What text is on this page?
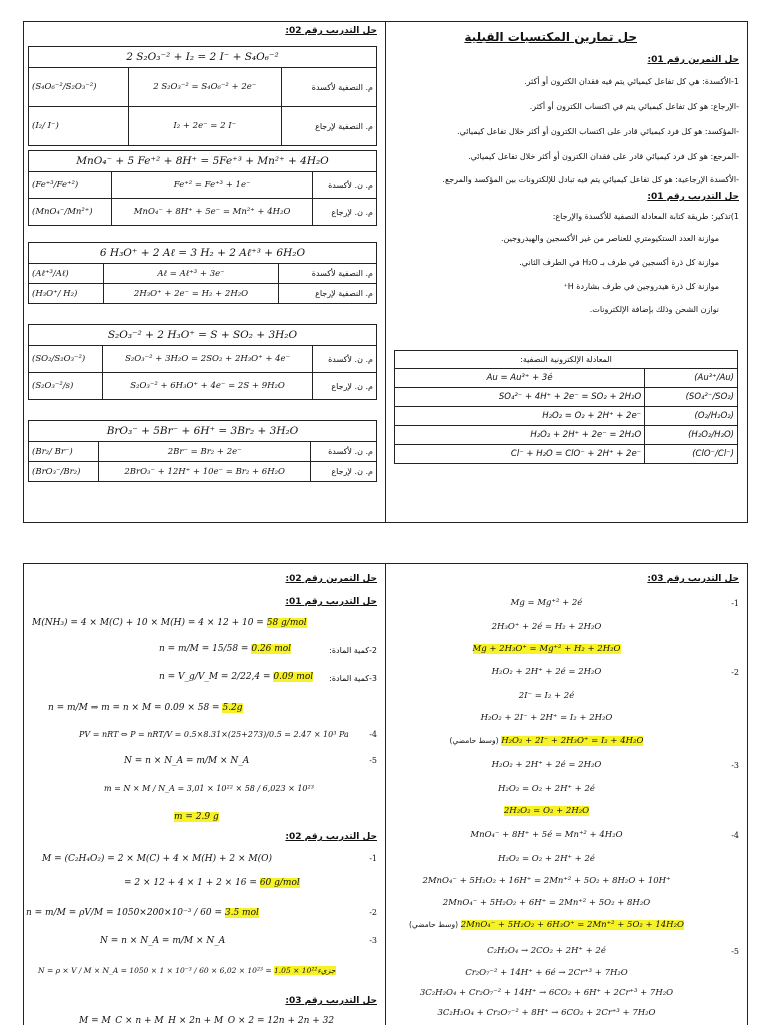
حل تمارين المكتسبات القبلية
حل التمرين رقم 01:
1-الأكسدة: هي كل تفاعل كيميائي يتم فيه فقدان الكترون أو أكثر.
-الإرجاع: هو كل تفاعل كيميائي يتم في اكتساب الكترون أو أكثر.
-المؤكسد: هو كل فرد كيميائي قادر على اكتساب الكترون أو أكثر خلال تفاعل كيميائي.
-المرجع: هو كل فرد كيميائي قادر على فقدان الكترون أو أكثر خلال تفاعل كيميائي.
-الأكسدة الإرجاعية: هو كل تفاعل كيميائي يتم فيه تبادل للإلكترونات بين المؤكسد والمرجع.
حل التدريب رقم 01:
1)تذكير: طريقة كتابة المعادلة النصفية للأكسدة والإرجاع:
موازنة العدد الستكيومتري للعناصر من غير الأكسجين والهيدروجين.
موازنة كل ذرة أكسجين في طرف بـ H₂O في الطرف الثاني.
موازنة كل ذرة هيدروجين في طرف بشاردة H⁺
نوازن الشحن وذلك بإضافة الإلكترونات.
المعادلة الإلكترونية النصفية:	
Au = Au³⁺ + 3é	(Au³⁺/Au)
SO₄²⁻ + 4H⁺ + 2e⁻ = SO₂ + 2H₂O	(SO₄²⁻/SO₂)
H₂O₂ = O₂ + 2H⁺ + 2e⁻	(O₂/H₂O₂)
H₂O₂ + 2H⁺ + 2e⁻ = 2H₂O	(H₂O₂/H₂O)
Cl⁻ + H₂O = ClO⁻ + 2H⁺ + 2e⁻	(ClO⁻/Cl⁻)
حل التدريب رقم 02:
2 S₂O₃⁻² + I₂ = 2 I⁻ + S₄O₆⁻²		
(S₄O₆⁻²/S₂O₃⁻²)	2 S₂O₃⁻² = S₄O₆⁻² + 2e⁻	م. النصفية لأكسدة
(I₂/ I⁻)	I₂ + 2e⁻ = 2 I⁻	م. النصفية لإرجاع
MnO₄⁻ + 5 Fe⁺² + 8H⁺ = 5Fe⁺³ + Mn²⁺ + 4H₂O		
(Fe⁺³/Fe⁺²)	Fe⁺² = Fe⁺³ + 1e⁻	م. ن. لأكسدة
(MnO₄⁻/Mn²⁺)	MnO₄⁻ + 8H⁺ + 5e⁻ = Mn²⁺ + 4H₂O	م. ن. لإرجاع
6 H₃O⁺ + 2 Aℓ = 3 H₂ + 2 Aℓ⁺³ + 6H₂O		
(Aℓ⁺³/Aℓ)	Aℓ = Aℓ⁺³ + 3e⁻	م. النصفية لأكسدة
(H₃O⁺/ H₂)	2H₃O⁺ + 2e⁻ = H₂ + 2H₂O	م. النصفية لإرجاع
S₂O₃⁻² + 2 H₃O⁺ = S + SO₂ + 3H₂O		
(SO₂/S₂O₃⁻²)	S₂O₃⁻² + 3H₂O = 2SO₂ + 2H₃O⁺ + 4e⁻	م. ن. لأكسدة
(S₂O₃⁻²/s)	S₂O₃⁻² + 6H₃O⁺ + 4e⁻ = 2S + 9H₂O	م. ن. لإرجاع
BrO₃⁻ + 5Br⁻ + 6H⁺ = 3Br₂ + 3H₂O		
(Br₂/ Br⁻)	2Br⁻ = Br₂ + 2e⁻	م. ن. لأكسدة
(BrO₃⁻/Br₂)	2BrO₃⁻ + 12H⁺ + 10e⁻ = Br₂ + 6H₂O	م. ن. لإرجاع
حل التمرين رقم 02:
حل التدريب رقم 01:
M(NH₃) = 4 × M(C) + 10 × M(H) = 4 × 12 + 10 = 58 g/mol
2-كمية المادة:
n = m/M = 15/58 = 0.26 mol
3-كمية المادة:
n = V_g/V_M = 2/22,4 = 0.09 mol
n = m/M ⇒ m = n × M = 0.09 × 58 = 5.2g
PV = nRT ⇔ P = nRT/V = 0.5×8.31×(25+273)/0.5 = 2.47 × 10³ Pa	-4
N = n × N_A = m/M × N_A	-5
m = N × M / N_A = 3,01 × 10²² × 58 / 6,023 × 10²³
m = 2.9 g
حل التدريب رقم 02:
M = (C₂H₄O₂) = 2 × M(C) + 4 × M(H) + 2 × M(O)	-1
= 2 × 12 + 4 × 1 + 2 × 16 = 60 g/mol
n = m/M = ρV/M = 1050×200×10⁻³ / 60 = 3.5 mol	-2
N = n × N_A = m/M × N_A	-3
N = ρ × V / M × N_A = 1050 × 1 × 10⁻³ / 60 × 6,02 × 10²³ = 1.05 × 10²²جزيء
حل التدريب رقم 03:
M = M_C × n + M_H × 2n + M_O × 2 = 12n + 2n + 32
حل التدريب رقم 03:
Mg = Mg⁺² + 2é	-1
2H₃O⁺ + 2é = H₂ + 2H₂O
Mg + 2H₃O⁺ = Mg⁺² + H₂ + 2H₂O
H₂O₂ + 2H⁺ + 2é = 2H₂O	-2
2I⁻ = I₂ + 2é
H₂O₂ + 2I⁻ + 2H⁺ = I₂ + 2H₂O
(وسط حامضي) H₂O₂ + 2I⁻ + 2H₃O⁺ = I₂ + 4H₂O
H₂O₂ + 2H⁺ + 2é = 2H₂O	-3
H₂O₂ = O₂ + 2H⁺ + 2é
2H₂O₂ = O₂ + 2H₂O
MnO₄⁻ + 8H⁺ + 5é = Mn⁺² + 4H₂O	-4
H₂O₂ = O₂ + 2H⁺ + 2é
2MnO₄⁻ + 5H₂O₂ + 16H⁺ = 2Mn⁺² + 5O₂ + 8H₂O + 10H⁺
2MnO₄⁻ + 5H₂O₂ + 6H⁺ = 2Mn⁺² + 5O₂ + 8H₂O
(وسط حامضي) 2MnO₄⁻ + 5H₂O₂ + 6H₃O⁺ = 2Mn⁺² + 5O₂ + 14H₂O
C₂H₂O₄ → 2CO₂ + 2H⁺ + 2é	-5
Cr₂O₇⁻² + 14H⁺ + 6é → 2Cr⁺³ + 7H₂O
3C₂H₂O₄ + Cr₂O₇⁻² + 14H⁺ → 6CO₂ + 6H⁺ + 2Cr⁺³ + 7H₂O
3C₂H₂O₄ + Cr₂O₇⁻² + 8H⁺ → 6CO₂ + 2Cr⁺³ + 7H₂O
